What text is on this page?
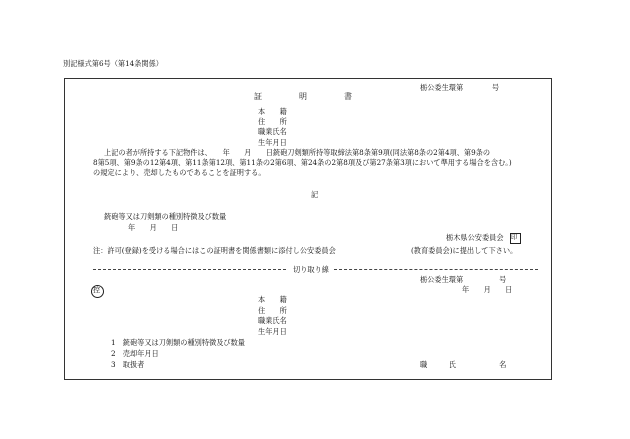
別記様式第6号（第14条関係）
栃公委生環第　　　　号
証　　　　明　　　　書
本　　籍
住　　所
職業氏名
生年月日
上記の者が所持する下記物件は、　　年　　月　　日銃砲刀剣類所持等取締法第8条第9項(同法第8条の2第4項、第9条の
8第5項、第9条の12第4項、第11条第12項、第11条の2第6項、第24条の2第8項及び第27条第3項において準用する場合を含む。)
の規定により、売却したものであることを証明する。
記
銃砲等又は刀剣類の種別特徴及び数量
年　　月　　日
栃木県公安委員会 印
注：許可(登録)を受ける場合にはこの証明書を関係書類に添付し公安委員会	(教育委員会)に提出して下さい。
切り取り線
栃公委生環第　　　　　号
年　　月　　日
控
本　　籍
住　　所
職業氏名
生年月日
1　銃砲等又は刀剣類の種別特徴及び数量
2　売却年月日
3　取扱者	職　　　氏　　　　　　名
